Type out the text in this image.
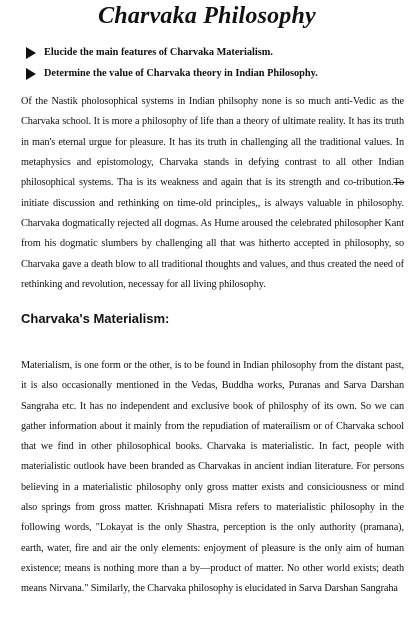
Charvaka Philosophy
Elucide the main features of Charvaka Materialism.
Determine the value of Charvaka theory in Indian Philosophy.

Of the Nastik pholosophical systems in Indian philsophy none is so much anti-Vedic as the Charvaka school. It is more a philosophy of life than a theory of ultimate reality. It has its truth in man's eternal urgue for pleasure. It has its truth in challenging all the traditional values. In metaphysics and epistomology, Charvaka stands in defying contrast to all other Indian philosophical systems. Tha is its weakness and again that is its strength and co-tribution.To initiate discussion and rethinking on time-old principles,, is always valuable in philosophy. Charvaka dogmatically rejected all dogmas. As Hume aroused the celebrated philosopher Kant from his dogmatic slumbers by challenging all that was hitherto accepted in philosophy, so Charvaka gave a death blow to all traditional thoughts and values, and thus created the need of rethinking and revolution, necessay for all living philosophy.

Charvaka's Materialism:

Materialism, is one form or the other, is to be found in Indian philosophy from the distant past, it is also occasionally mentioned in the Vedas, Buddha works, Puranas and Sarva Darshan Sangraha etc. It has no independent and exclusive book of philosphy of its own. So we can gather information about it mainly from the repudiation of materailism or of Charvaka school that we find in other philosophical books. Charvaka is materialistic. In fact, people with materialistic outlook have been branded as Charvakas in ancient indian literature. For persons believing in a materialistic philosophy only gross matter exists and consiciousness or mind also springs from gross matter. Krishnapati Misra refers to materialistic philosophy in the following words, "Lokayat is the only Shastra, perception is the only authority (pramana), earth, water, fire and air the only elements: enjoyment of pleasure is the only aim of human existence; means is nothing more than a by—product of matter. No other world exists; death means Nirvana." Similarly, the Charvaka philosophy is elucidated in Sarva Darshan Sangraha
